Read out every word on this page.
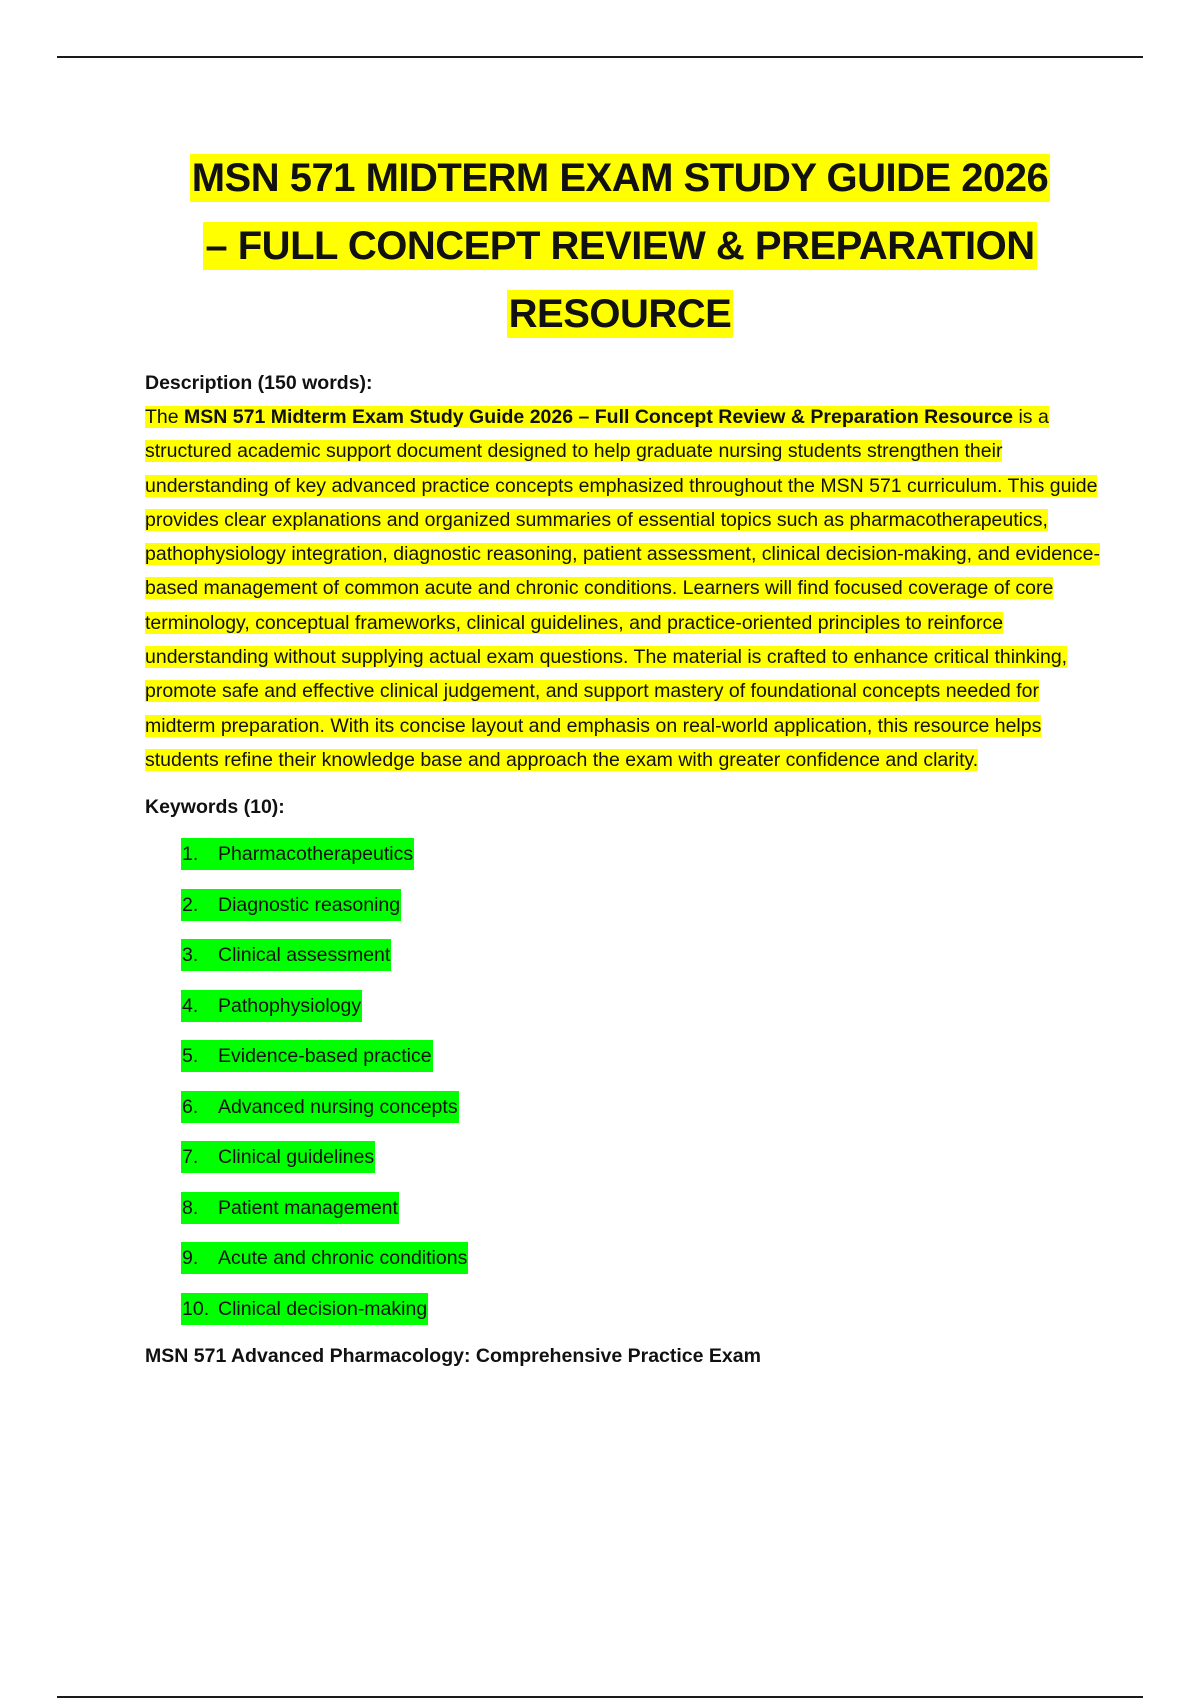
MSN 571 MIDTERM EXAM STUDY GUIDE 2026
– FULL CONCEPT REVIEW & PREPARATION
RESOURCE
Description (150 words):

The MSN 571 Midterm Exam Study Guide 2026 – Full Concept Review & Preparation Resource is a structured academic support document designed to help graduate nursing students strengthen their understanding of key advanced practice concepts emphasized throughout the MSN 571 curriculum. This guide provides clear explanations and organized summaries of essential topics such as pharmacotherapeutics, pathophysiology integration, diagnostic reasoning, patient assessment, clinical decision-making, and evidence-based management of common acute and chronic conditions. Learners will find focused coverage of core terminology, conceptual frameworks, clinical guidelines, and practice-oriented principles to reinforce understanding without supplying actual exam questions. The material is crafted to enhance critical thinking, promote safe and effective clinical judgement, and support mastery of foundational concepts needed for midterm preparation. With its concise layout and emphasis on real-world application, this resource helps students refine their knowledge base and approach the exam with greater confidence and clarity.

Keywords (10):
1. Pharmacotherapeutics
2. Diagnostic reasoning
3. Clinical assessment
4. Pathophysiology
5. Evidence-based practice
6. Advanced nursing concepts
7. Clinical guidelines
8. Patient management
9. Acute and chronic conditions
10. Clinical decision-making
MSN 571 Advanced Pharmacology: Comprehensive Practice Exam
